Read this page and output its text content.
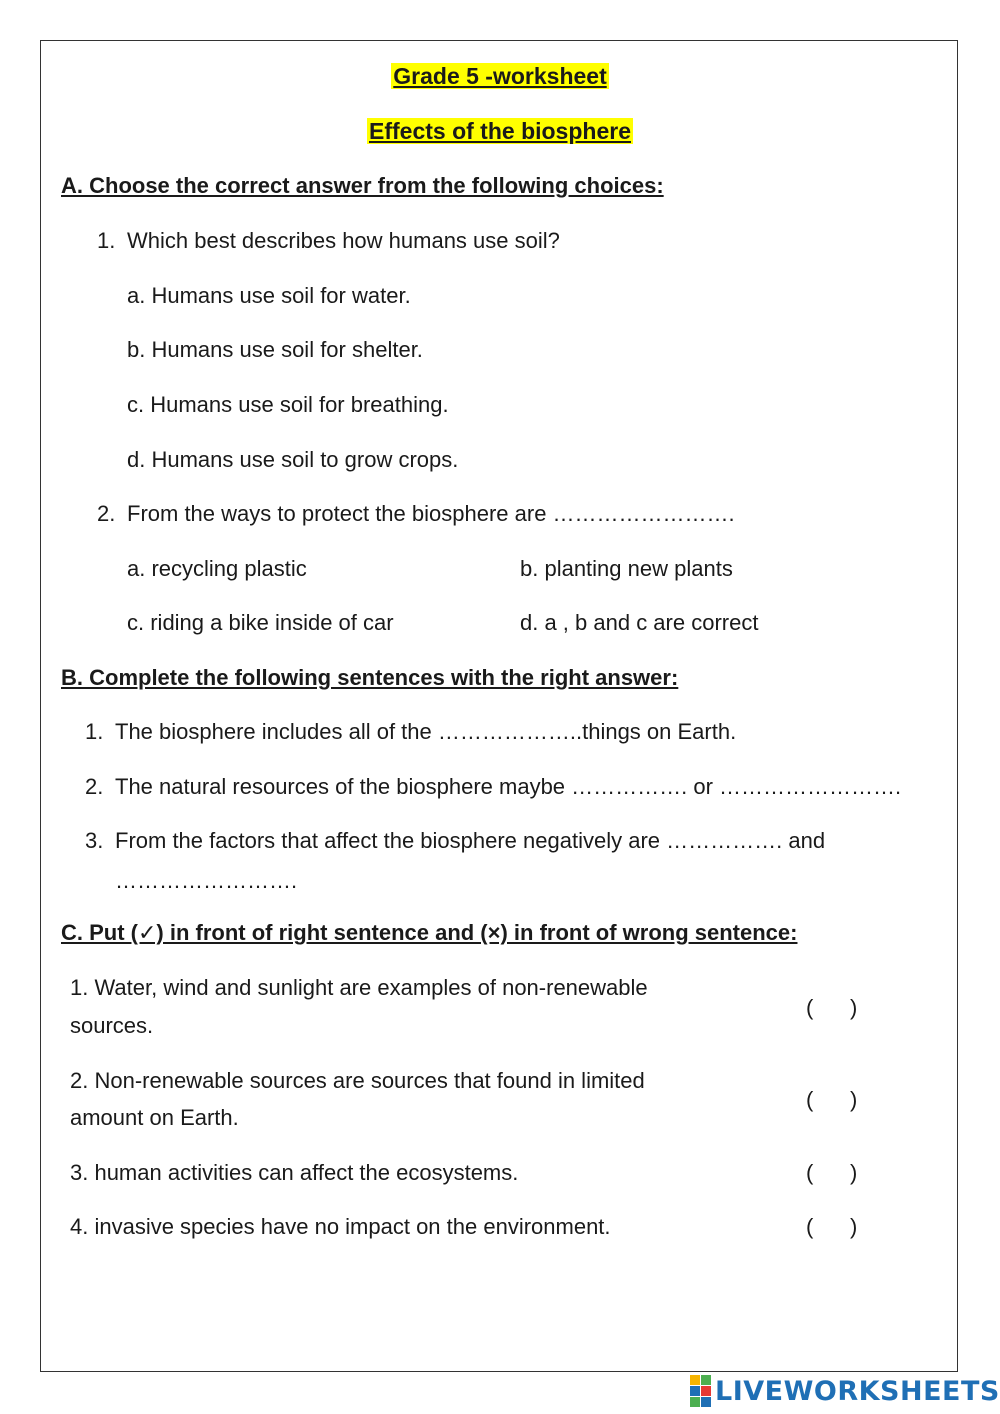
Grade 5 -worksheet
Effects of the biosphere
A. Choose the correct answer from the following choices:
1. Which best describes how humans use soil?
a. Humans use soil for water.
b. Humans use soil for shelter.
c. Humans use soil for breathing.
d. Humans use soil to grow crops.
2. From the ways to protect the biosphere are …………………….
a. recycling plastic	b. planting new plants
c. riding a bike inside of car	d. a , b and c are correct
B. Complete the following sentences with the right answer:
1. The biosphere includes all of the ………………..things on Earth.
2. The natural resources of the biosphere maybe ……………. or …………………….
3. From the factors that affect the biosphere negatively are ……………. and
…………………….
C. Put (✓) in front of right sentence and (×) in front of wrong sentence:
1. Water, wind and sunlight are examples of non-renewable
sources.
(      )
2. Non-renewable sources are sources that found in limited
amount on Earth.
(      )
3. human activities can affect the ecosystems.	(      )
4. invasive species have no impact on the environment.	(      )
LIVEWORKSHEETS
